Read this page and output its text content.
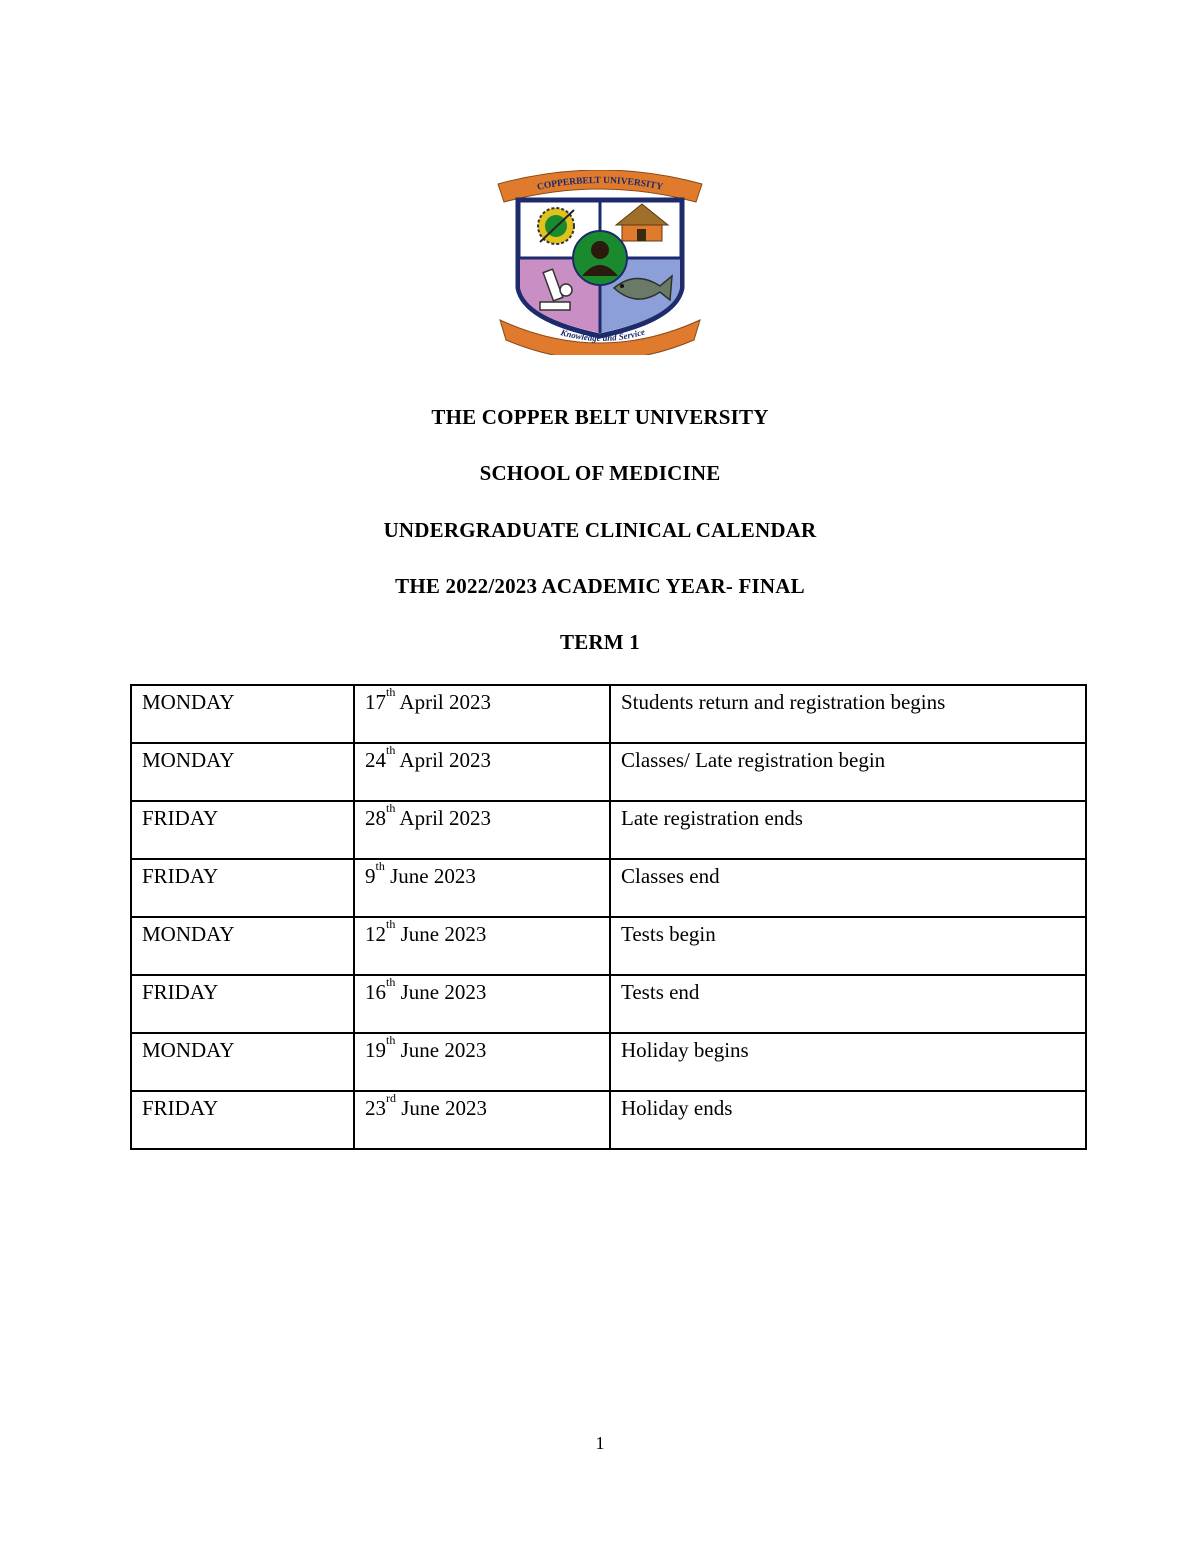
COPPERBELT UNIVERSITY
Knowledge and Service
THE COPPER BELT UNIVERSITY
SCHOOL OF MEDICINE
UNDERGRADUATE CLINICAL CALENDAR
THE 2022/2023 ACADEMIC YEAR- FINAL
TERM 1
MONDAY	17th April 2023	Students return and registration begins
MONDAY	24th April 2023	Classes/ Late registration begin
FRIDAY	28th April 2023	Late registration ends
FRIDAY	9th June 2023	Classes end
MONDAY	12th June 2023	Tests begin
FRIDAY	16th June 2023	Tests end
MONDAY	19th June 2023	Holiday begins
FRIDAY	23rd June 2023	Holiday ends
1
